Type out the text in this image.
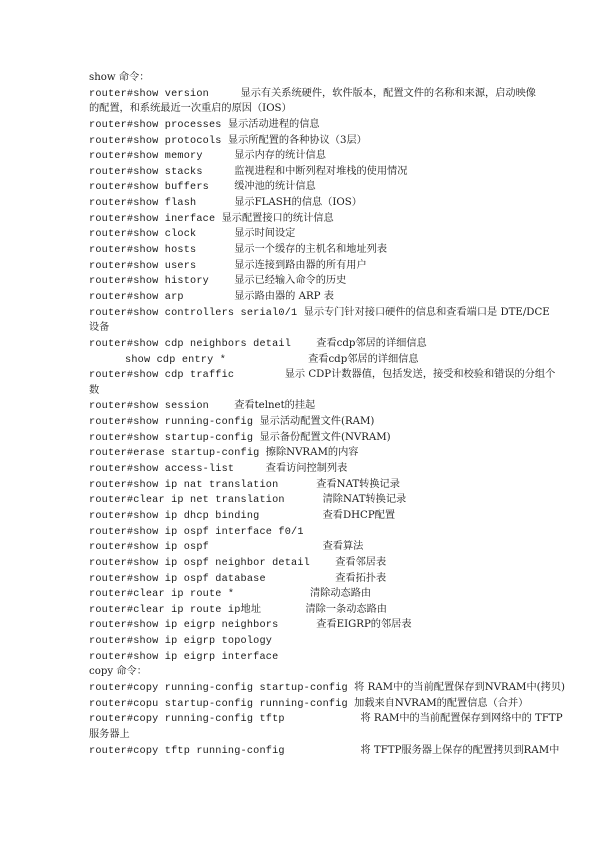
show 命令：
router#show version     显示有关系统硬件，软件版本，配置文件的名称和来源，启动映像
的配置，和系统最近一次重启的原因（IOS）
router#show processes 显示活动进程的信息
router#show protocols 显示所配置的各种协议（3层）
router#show memory     显示内存的统计信息
router#show stacks     监视进程和中断列程对堆栈的使用情况
router#show buffers    缓冲池的统计信息
router#show flash      显示FLASH的信息（IOS）
router#show inerface 显示配置接口的统计信息
router#show clock      显示时间设定
router#show hosts      显示一个缓存的主机名和地址列表
router#show users      显示连接到路由器的所有用户
router#show history    显示已经输入命令的历史
router#show arp        显示路由器的 ARP 表
router#show controllers serial0/1 显示专门针对接口硬件的信息和查看端口是 DTE/DCE
设备
router#show cdp neighbors detail    查看cdp邻居的详细信息
show cdp entry *             查看cdp邻居的详细信息
router#show cdp traffic        显示 CDP计数器值，包括发送，接受和校验和错误的分组个
数
router#show session    查看telnet的挂起
router#show running-config 显示活动配置文件(RAM)
router#show startup-config 显示备份配置文件(NVRAM)
router#erase startup-config 擦除NVRAM的内容
router#show access-list     查看访问控制列表
router#show ip nat translation      查看NAT转换记录
router#clear ip net translation      清除NAT转换记录
router#show ip dhcp binding          查看DHCP配置
router#show ip ospf interface f0/1
router#show ip ospf                  查看算法
router#show ip ospf neighbor detail    查看邻居表
router#show ip ospf database           查看拓扑表
router#clear ip route *            清除动态路由
router#clear ip route ip地址       清除一条动态路由
router#show ip eigrp neighbors      查看EIGRP的邻居表
router#show ip eigrp topology
router#show ip eigrp interface
copy 命令：
router#copy running-config startup-config 将 RAM中的当前配置保存到NVRAM中(拷贝)
router#copu startup-config running-config 加载来自NVRAM的配置信息（合并）
router#copy running-config tftp            将 RAM中的当前配置保存到网络中的 TFTP
服务器上
router#copy tftp running-config            将 TFTP服务器上保存的配置拷贝到RAM中
